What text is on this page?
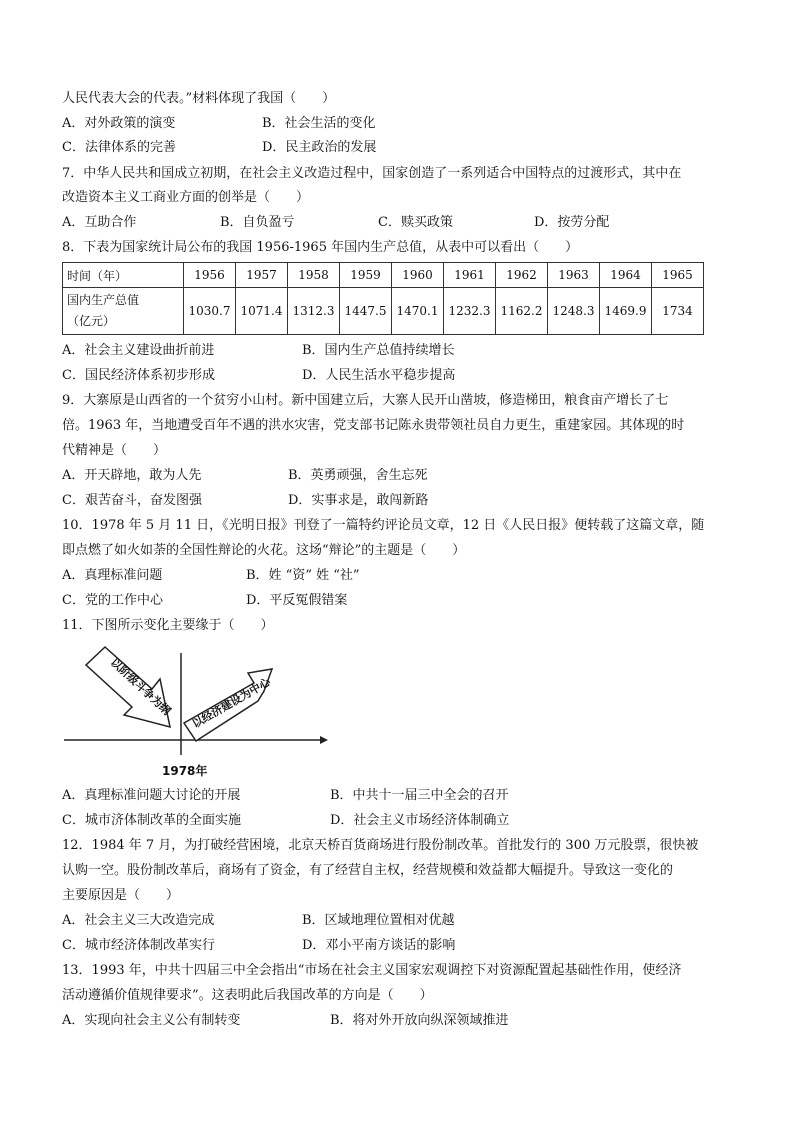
人民代表大会的代表。”材料体现了我国（　　）
A．对外政策的演变	B．社会生活的变化
C．法律体系的完善	D．民主政治的发展
7．中华人民共和国成立初期，在社会主义改造过程中，国家创造了一系列适合中国特点的过渡形式，其中在
改造资本主义工商业方面的创举是（　　）
A．互助合作	B．自负盈亏	C．赎买政策	D．按劳分配
8．下表为国家统计局公布的我国 1956-1965 年国内生产总值，从表中可以看出（　　）
时间（年）	1956	1957	1958	1959	1960	1961	1962	1963	1964	1965
国内生产总值
（亿元）	1030.7	1071.4	1312.3	1447.5	1470.1	1232.3	1162.2	1248.3	1469.9	1734
A．社会主义建设曲折前进	B．国内生产总值持续增长
C．国民经济体系初步形成	D．人民生活水平稳步提高
9．大寨原是山西省的一个贫穷小山村。新中国建立后，大寨人民开山凿坡，修造梯田，粮食亩产增长了七
倍。1963 年，当地遭受百年不遇的洪水灾害，党支部书记陈永贵带领社员自力更生，重建家园。其体现的时
代精神是（　　）
A．开天辟地，敢为人先	B．英勇顽强，舍生忘死
C．艰苦奋斗，奋发图强	D．实事求是，敢闯新路
10．1978 年 5 月 11 日，《光明日报》刊登了一篇特约评论员文章，12 日《人民日报》便转载了这篇文章，随
即点燃了如火如荼的全国性辩论的火花。这场“辩论”的主题是（　　）
A．真理标准问题	B．姓 “资” 姓 “社”
C．党的工作中心	D．平反冤假错案
11．下图所示变化主要缘于（　　）
以阶级斗争为纲 以经济建设为中心
1978年
A．真理标准问题大讨论的开展	B．中共十一届三中全会的召开
C．城市济体制改革的全面实施	D．社会主义市场经济体制确立
12．1984 年 7 月，为打破经营困境，北京天桥百货商场进行股份制改革。首批发行的 300 万元股票，很快被
认购一空。股份制改革后，商场有了资金，有了经营自主权，经营规模和效益都大幅提升。导致这一变化的
主要原因是（　　）
A．社会主义三大改造完成	B．区域地理位置相对优越
C．城市经济体制改革实行	D．邓小平南方谈话的影响
13．1993 年，中共十四届三中全会指出“市场在社会主义国家宏观调控下对资源配置起基础性作用，使经济
活动遵循价值规律要求”。这表明此后我国改革的方向是（　　）
A．实现向社会主义公有制转变	B．将对外开放向纵深领域推进
